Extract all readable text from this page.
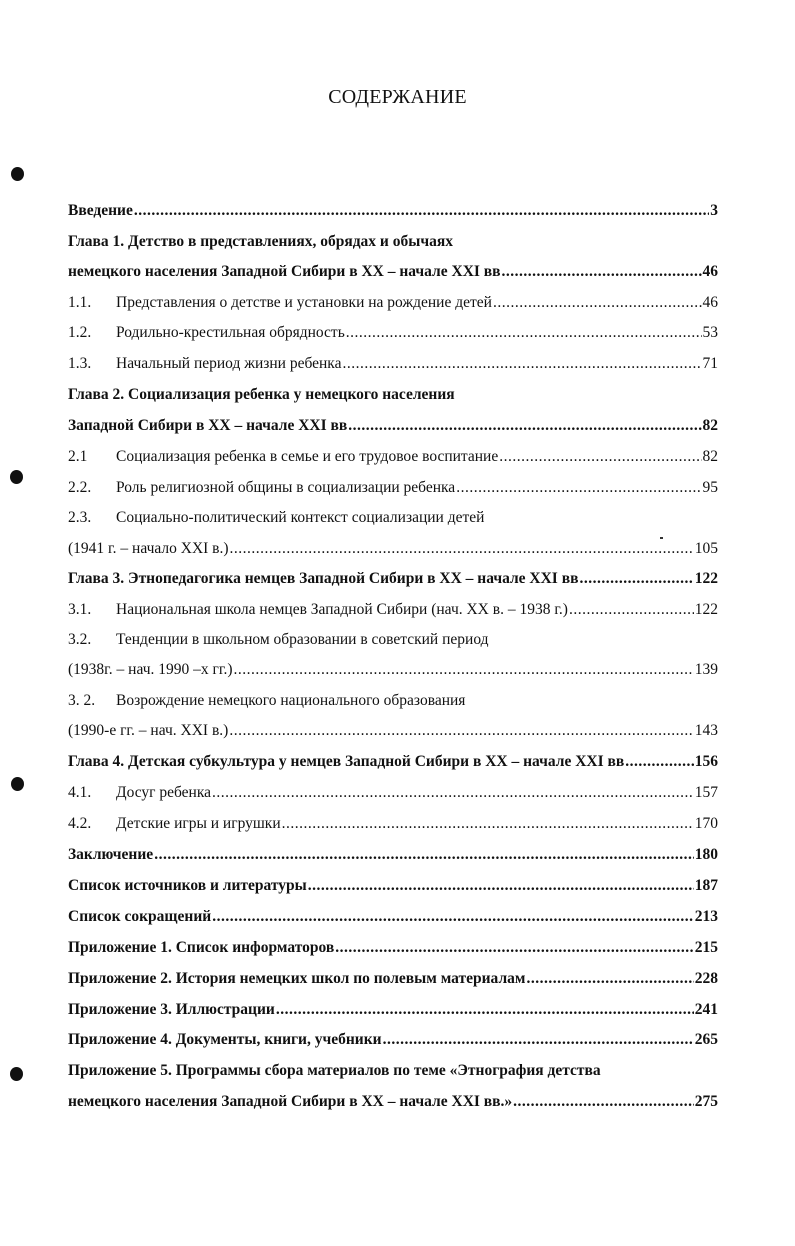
СОДЕРЖАНИЕ
Введение .....	3
Глава 1. Детство в представлениях, обрядах и обычаях
немецкого населения Западной Сибири в XX – начале XXI вв .....	46
1.1.	Представления о детстве и установки на рождение детей .....	46
1.2.	Родильно-крестильная обрядность .....	53
1.3.	Начальный период жизни ребенка .....	71
Глава 2. Социализация ребенка у немецкого населения
Западной Сибири в XX – начале XXI вв .....	82
2.1	Социализация ребенка в семье и его трудовое воспитание .....	82
2.2.	Роль религиозной общины в социализации ребенка .....	95
2.3.	Социально-политический контекст социализации детей
(1941 г. – начало XXI в.) .....	105
Глава 3. Этнопедагогика немцев Западной Сибири в XX – начале XXI вв .....	122
3.1.	Национальная школа немцев Западной Сибири (нач. XX в. – 1938 г.) .....	122
3.2.	Тенденции в школьном образовании в советский период
(1938г. – нач. 1990 –х гг.) .....	139
3. 2.	Возрождение немецкого национального образования
(1990-е гг. – нач. XXI в.) .....	143
Глава 4. Детская субкультура у немцев Западной Сибири в XX – начале XXI вв .....	156
4.1.	Досуг ребенка .....	157
4.2.	Детские игры и игрушки .....	170
Заключение .....	180
Список источников и литературы .....	187
Список сокращений .....	213
Приложение 1. Список информаторов .....	215
Приложение 2. История немецких школ по полевым материалам .....	228
Приложение 3. Иллюстрации .....	241
Приложение 4. Документы, книги, учебники .....	265
Приложение 5. Программы сбора материалов по теме «Этнография детства
немецкого населения Западной Сибири в XX – начале XXI вв.» .....	275
